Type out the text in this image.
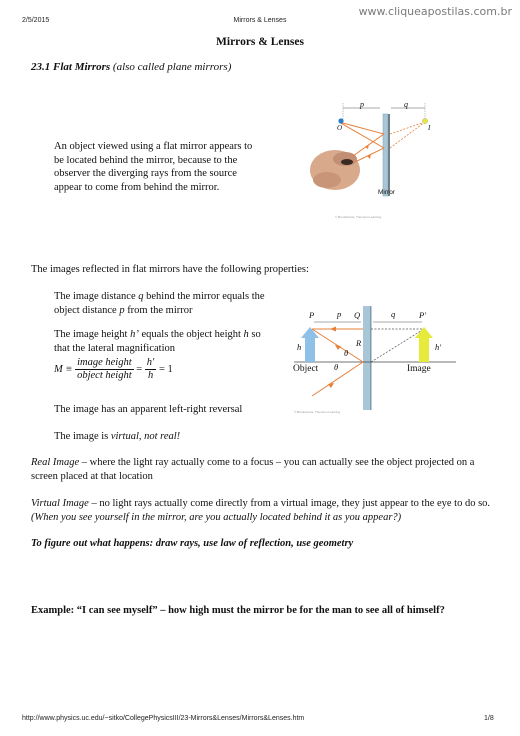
2/5/2015	Mirrors & Lenses
www.cliqueapostilas.com.br
Mirrors & Lenses
23.1 Flat Mirrors (also called plane mirrors)
An object viewed using a flat mirror appears to be located behind the mirror, because to the observer the diverging rays from the source appear to come from behind the mirror.
p	q
O	I
Mirror
© Brooks/Cole, Thomson Learning
The images reflected in flat mirrors have the following properties:
The image distance q behind the mirror equals the object distance p from the mirror
The image height h’ equals the object height h so that the lateral magnification
$M \equiv \frac{\text{image height}}{\text{object height}} = \frac{h'}{h} = 1$
The image has an apparent left-right reversal
The image is virtual, not real!
P	p Q	q	P′
h	h′
θ
R
θ
Object	Image
© Brooks/Cole, Thomson Learning
Real Image – where the light ray actually come to a focus – you can actually see the object projected on a screen placed at that location
Virtual Image – no light rays actually come directly from a virtual image, they just appear to the eye to do so. (When you see yourself in the mirror, are you actually located behind it as you appear?)
To figure out what happens: draw rays, use law of reflection, use geometry
Example: “I can see myself” – how high must the mirror be for the man to see all of himself?
http://www.physics.uc.edu/~sitko/CollegePhysicsIII/23-Mirrors&Lenses/Mirrors&Lenses.htm	1/8
